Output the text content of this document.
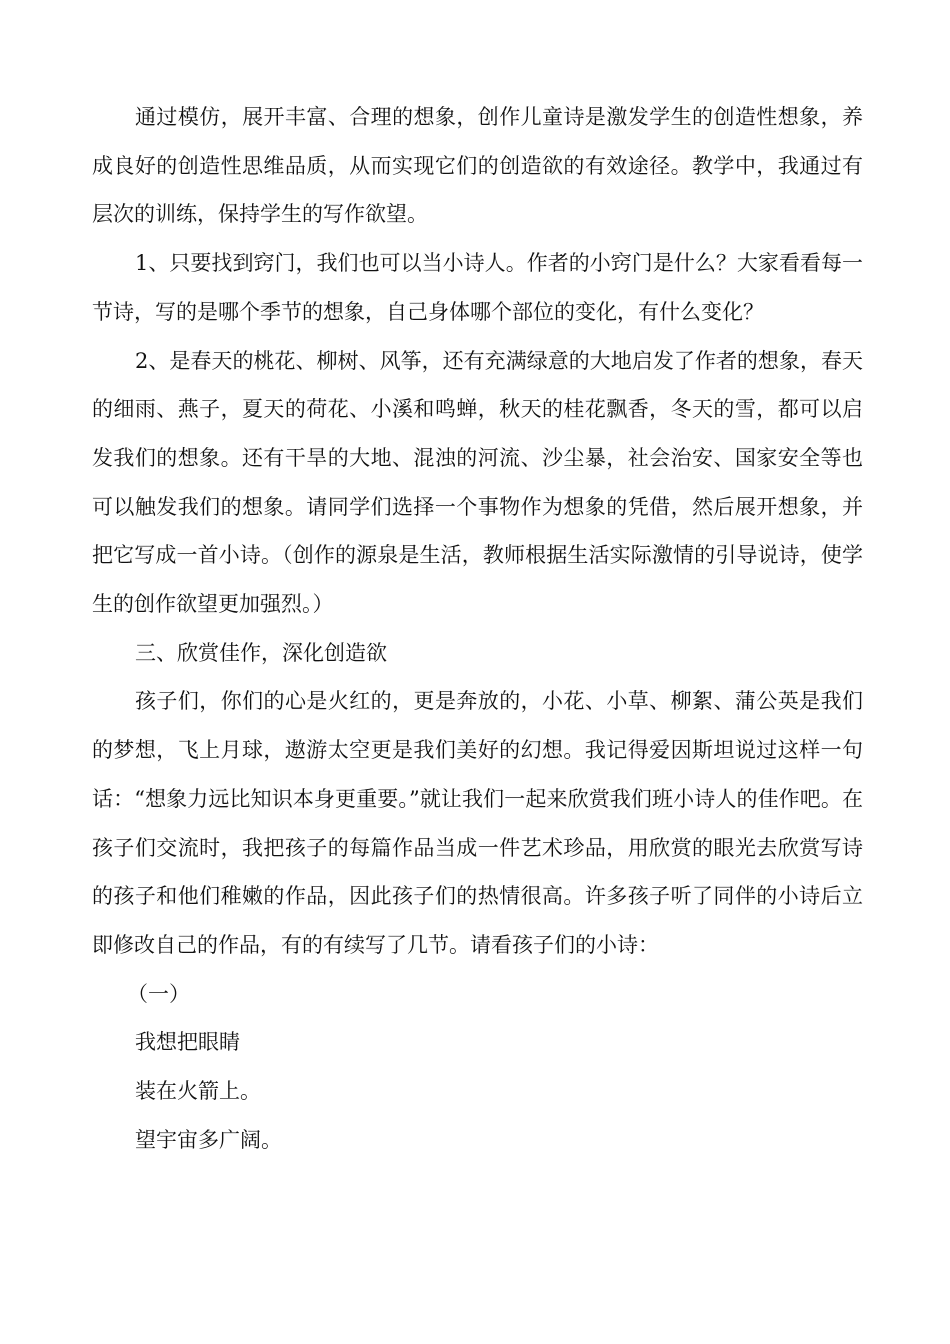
通过模仿，展开丰富、合理的想象，创作儿童诗是激发学生的创造性想象，养成良好的创造性思维品质，从而实现它们的创造欲的有效途径。教学中，我通过有层次的训练，保持学生的写作欲望。

1、只要找到窍门，我们也可以当小诗人。作者的小窍门是什么？大家看看每一节诗，写的是哪个季节的想象，自己身体哪个部位的变化，有什么变化？

2、是春天的桃花、柳树、风筝，还有充满绿意的大地启发了作者的想象，春天的细雨、燕子，夏天的荷花、小溪和鸣蝉，秋天的桂花飘香，冬天的雪，都可以启发我们的想象。还有干旱的大地、混浊的河流、沙尘暴，社会治安、国家安全等也可以触发我们的想象。请同学们选择一个事物作为想象的凭借，然后展开想象，并把它写成一首小诗。（创作的源泉是生活，教师根据生活实际激情的引导说诗，使学生的创作欲望更加强烈。）

三、欣赏佳作，深化创造欲

孩子们，你们的心是火红的，更是奔放的，小花、小草、柳絮、蒲公英是我们的梦想，飞上月球，遨游太空更是我们美好的幻想。我记得爱因斯坦说过这样一句话：“想象力远比知识本身更重要。”就让我们一起来欣赏我们班小诗人的佳作吧。在孩子们交流时，我把孩子的每篇作品当成一件艺术珍品，用欣赏的眼光去欣赏写诗的孩子和他们稚嫩的作品，因此孩子们的热情很高。许多孩子听了同伴的小诗后立即修改自己的作品，有的有续写了几节。请看孩子们的小诗：

（一）
我想把眼睛
装在火箭上。
望宇宙多广阔。
